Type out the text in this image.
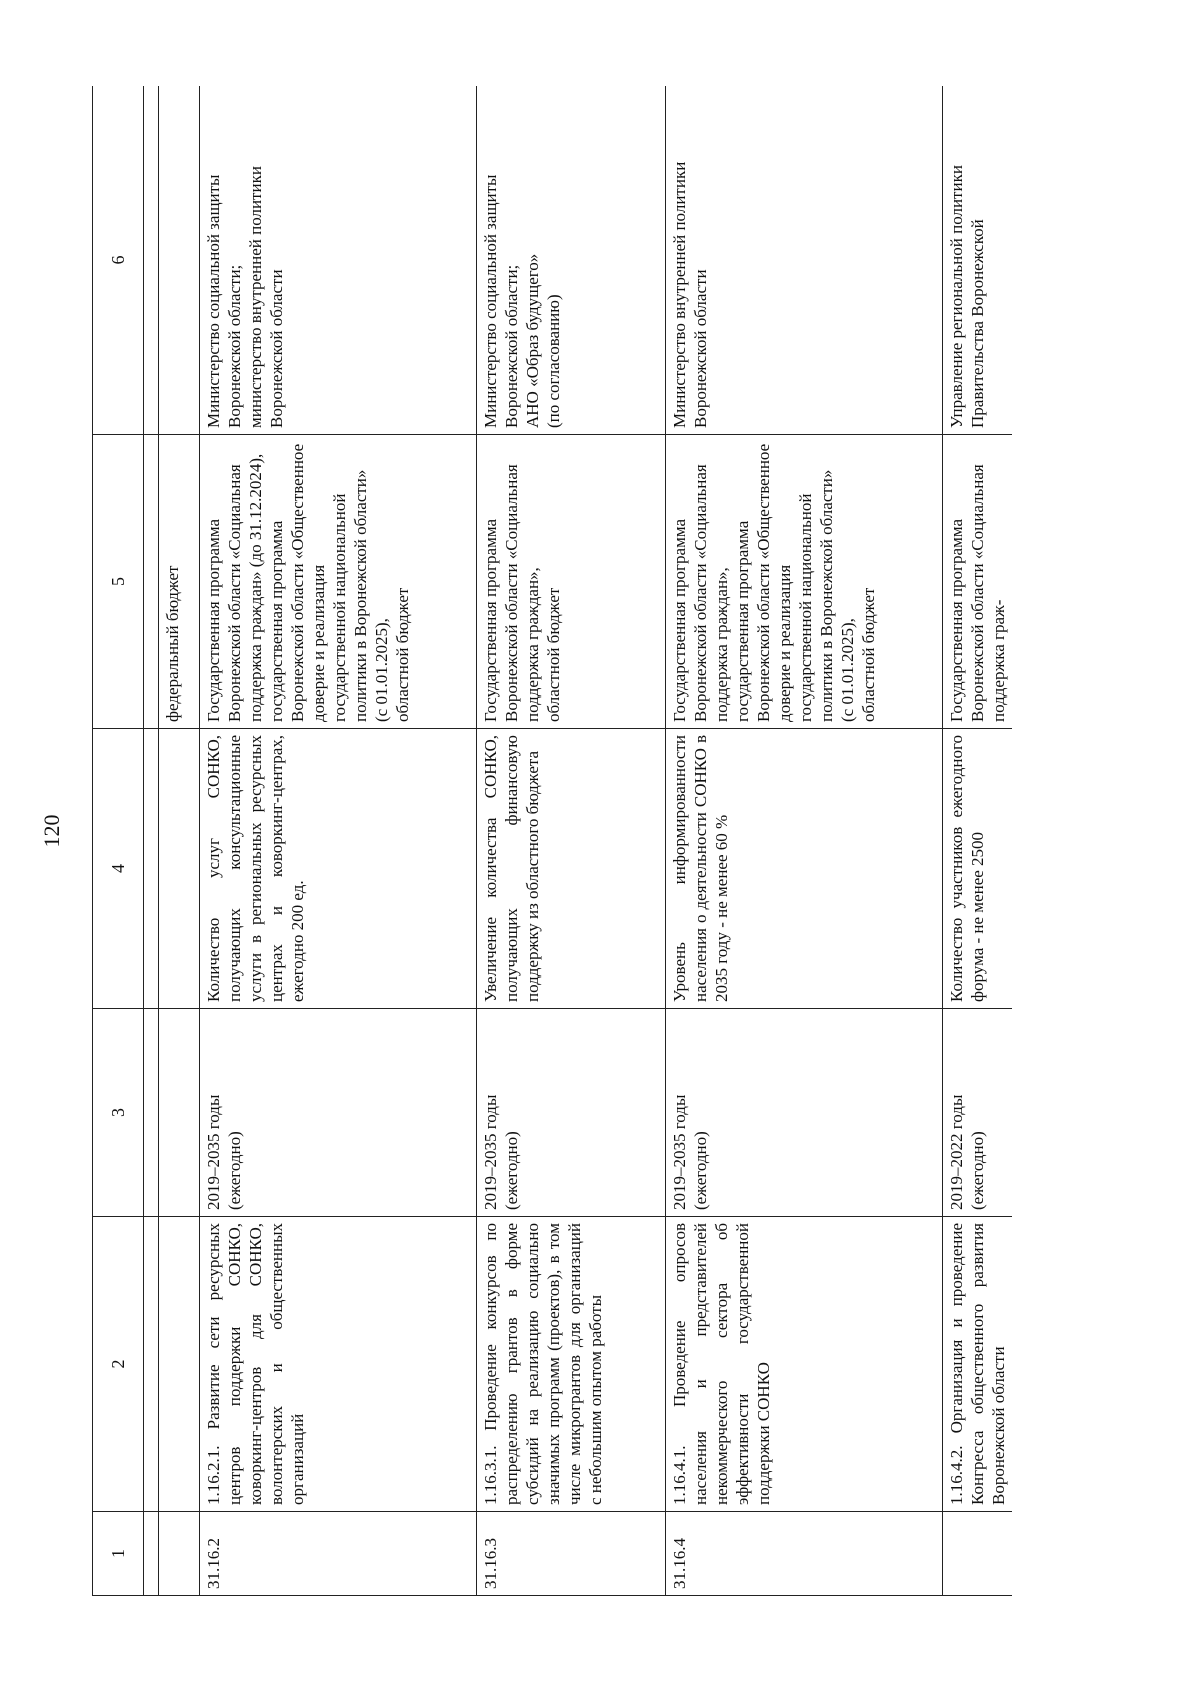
120
1	2	3	4	5	6

				федеральный бюджет	
31.16.2	1.16.2.1. Развитие сети ресурсных центров поддержки СОНКО, коворкинг-центров для СОНКО, волонтерских и общественных организаций	2019–2035 годы
(ежегодно)	Количество услуг СОНКО, получающих консультационные услуги в региональных ресурсных центрах и коворкинг-центрах, ежегодно 200 ед.	Государственная программа Воронежской области «Социальная поддержка граждан» (до 31.12.2024),
государственная программа Воронежской области «Общественное доверие и реализация государственной национальной политики в Воронежской области»
(с 01.01.2025),
областной бюджет	Министерство социальной защиты Воронежской области;
министерство внутренней политики Воронежской области
31.16.3	1.16.3.1. Проведение конкурсов по распределению грантов в форме субсидий на реализацию социально значимых программ (проектов), в том числе микрогрантов для организаций с небольшим опытом работы	2019–2035 годы
(ежегодно)	Увеличение количества СОНКО, получающих финансовую поддержку из областного бюджета	Государственная программа Воронежской области «Социальная поддержка граждан»,
областной бюджет	Министерство социальной защиты Воронежской области;
АНО «Образ будущего»
(по согласованию)
31.16.4	1.16.4.1. Проведение опросов населения и представителей некоммерческого сектора об эффективности государственной поддержки СОНКО	2019–2035 годы
(ежегодно)	Уровень информированности населения о деятельности СОНКО в 2035 году - не менее 60 %	Государственная программа Воронежской области «Социальная поддержка граждан»,
государственная программа Воронежской области «Общественное доверие и реализация государственной национальной политики в Воронежской области»
(с 01.01.2025),
областной бюджет	Министерство внутренней политики Воронежской области
	1.16.4.2. Организация и проведение Конгресса общественного развития Воронежской области	2019–2022 годы
(ежегодно)	Количество участников ежегодного форума - не менее 2500	Государственная программа Воронежской области «Социальная поддержка граж-	Управление региональной политики Правительства Воронежской
